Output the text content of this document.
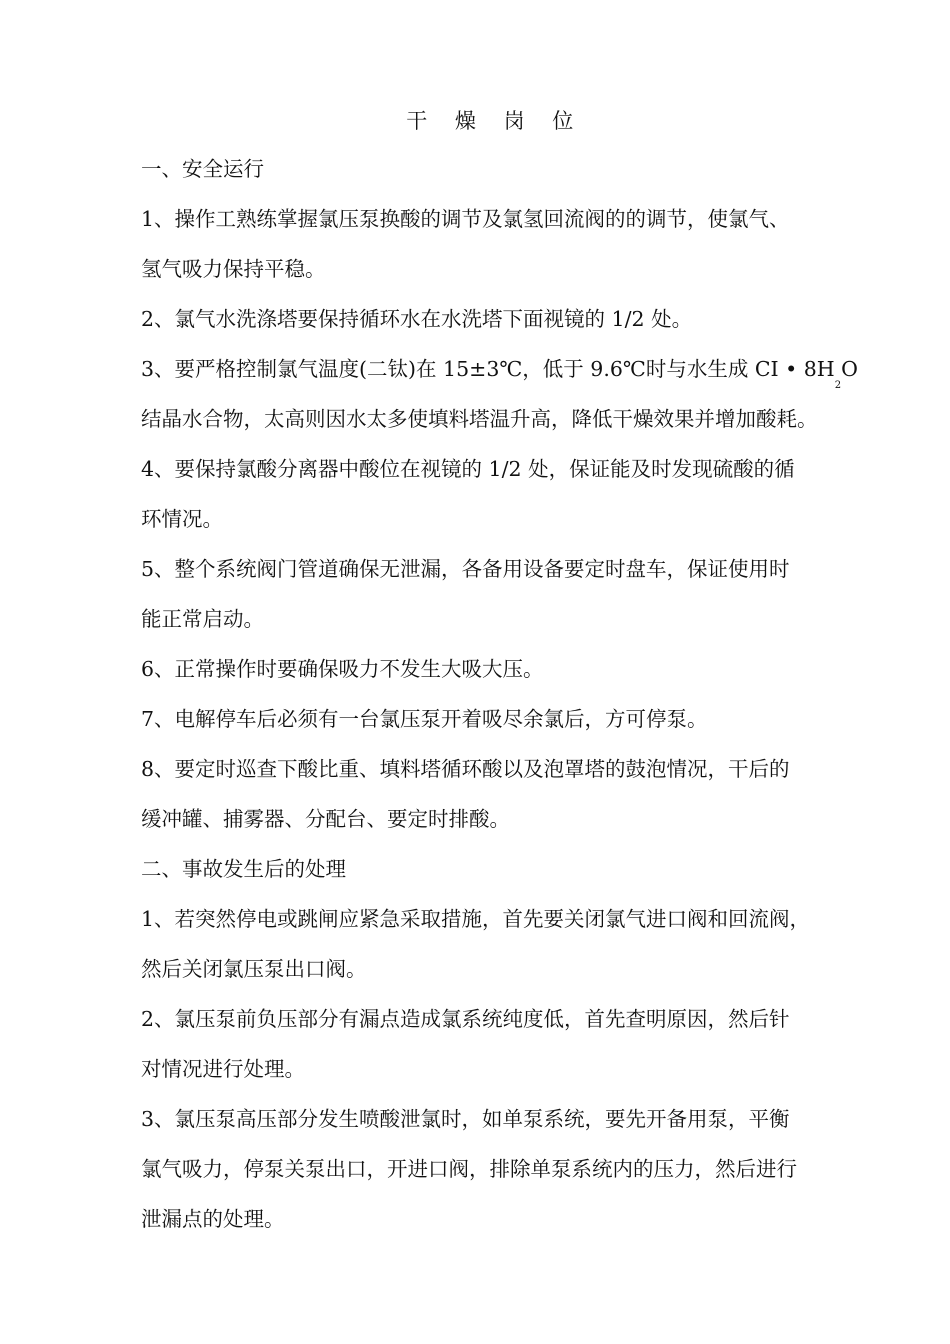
干 燥 岗 位
一、安全运行
1、操作工熟练掌握氯压泵换酸的调节及氯氢回流阀的的调节，使氯气、
氢气吸力保持平稳。
2、氯气水洗涤塔要保持循环水在水洗塔下面视镜的 1/2 处。
3、要严格控制氯气温度(二钛)在 15±3℃，低于 9.6℃时与水生成 CI • $8H_2O$
结晶水合物，太高则因水太多使填料塔温升高，降低干燥效果并增加酸耗。
4、要保持氯酸分离器中酸位在视镜的 1/2 处，保证能及时发现硫酸的循
环情况。
5、整个系统阀门管道确保无泄漏，各备用设备要定时盘车，保证使用时
能正常启动。
6、正常操作时要确保吸力不发生大吸大压。
7、电解停车后必须有一台氯压泵开着吸尽余氯后，方可停泵。
8、要定时巡查下酸比重、填料塔循环酸以及泡罩塔的鼓泡情况，干后的
缓冲罐、捕雾器、分配台、要定时排酸。
二、事故发生后的处理
1、若突然停电或跳闸应紧急采取措施，首先要关闭氯气进口阀和回流阀，
然后关闭氯压泵出口阀。
2、氯压泵前负压部分有漏点造成氯系统纯度低，首先查明原因，然后针
对情况进行处理。
3、氯压泵高压部分发生喷酸泄氯时，如单泵系统，要先开备用泵，平衡
氯气吸力，停泵关泵出口，开进口阀，排除单泵系统内的压力，然后进行
泄漏点的处理。
